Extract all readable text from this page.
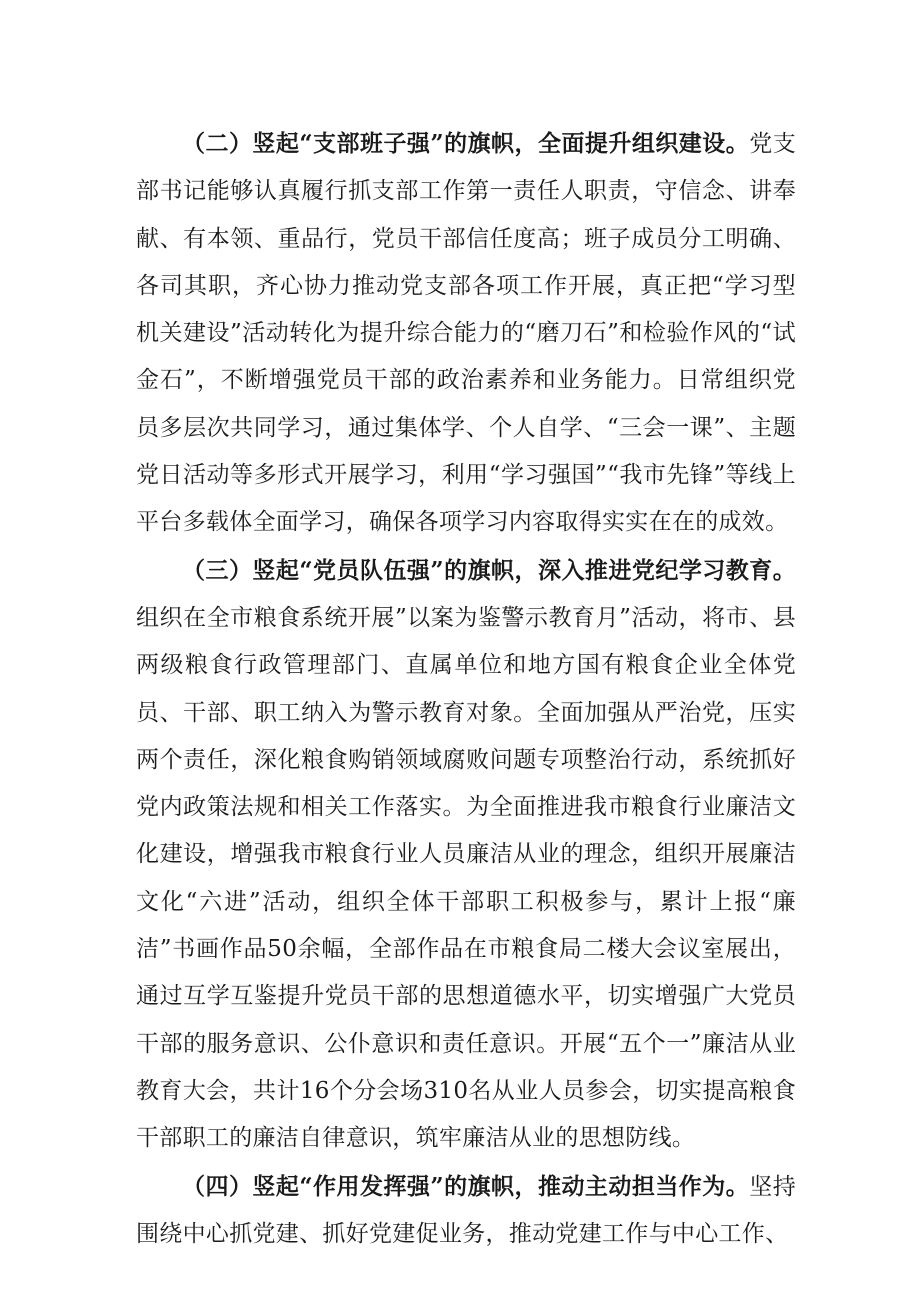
（二）竖起“支部班子强”的旗帜，全面提升组织建设。党支部书记能够认真履行抓支部工作第一责任人职责，守信念、讲奉献、有本领、重品行，党员干部信任度高；班子成员分工明确、各司其职，齐心协力推动党支部各项工作开展，真正把“学习型机关建设”活动转化为提升综合能力的“磨刀石”和检验作风的“试金石”，不断增强党员干部的政治素养和业务能力。日常组织党员多层次共同学习，通过集体学、个人自学、“三会一课”、主题党日活动等多形式开展学习，利用“学习强国”“我市先锋”等线上平台多载体全面学习，确保各项学习内容取得实实在在的成效。

（三）竖起“党员队伍强”的旗帜，深入推进党纪学习教育。组织在全市粮食系统开展”以案为鉴警示教育月”活动，将市、县两级粮食行政管理部门、直属单位和地方国有粮食企业全体党员、干部、职工纳入为警示教育对象。全面加强从严治党，压实两个责任，深化粮食购销领域腐败问题专项整治行动，系统抓好党内政策法规和相关工作落实。为全面推进我市粮食行业廉洁文化建设，增强我市粮食行业人员廉洁从业的理念，组织开展廉洁文化“六进”活动，组织全体干部职工积极参与，累计上报“廉洁”书画作品50余幅，全部作品在市粮食局二楼大会议室展出，通过互学互鉴提升党员干部的思想道德水平，切实增强广大党员干部的服务意识、公仆意识和责任意识。开展“五个一”廉洁从业教育大会，共计16个分会场310名从业人员参会，切实提高粮食干部职工的廉洁自律意识，筑牢廉洁从业的思想防线。

（四）竖起“作用发挥强”的旗帜，推动主动担当作为。坚持围绕中心抓党建、抓好党建促业务，推动党建工作与中心工作、
